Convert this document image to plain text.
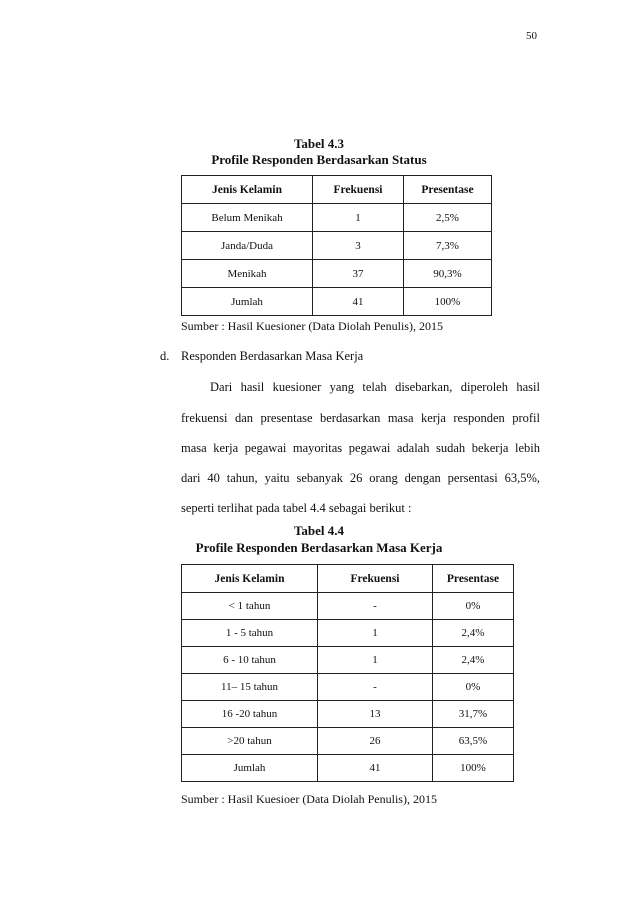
50
Tabel 4.3
Profile Responden Berdasarkan Status
Jenis Kelamin	Frekuensi	Presentase
Belum Menikah	1	2,5%
Janda/Duda	3	7,3%
Menikah	37	90,3%
Jumlah	41	100%
Sumber : Hasil Kuesioner (Data Diolah Penulis), 2015
d. Responden Berdasarkan Masa Kerja
Dari hasil kuesioner yang telah disebarkan, diperoleh hasil
frekuensi dan presentase berdasarkan masa kerja responden profil
masa kerja pegawai mayoritas pegawai adalah sudah bekerja lebih
dari 40 tahun, yaitu sebanyak 26 orang dengan persentasi 63,5%,
seperti terlihat pada tabel 4.4 sebagai berikut :
Tabel 4.4
Profile Responden Berdasarkan Masa Kerja
Jenis Kelamin	Frekuensi	Presentase
< 1 tahun	-	0%
1 - 5 tahun	1	2,4%
6 - 10 tahun	1	2,4%
11– 15 tahun	-	0%
16 -20 tahun	13	31,7%
>20 tahun	26	63,5%
Jumlah	41	100%
Sumber : Hasil Kuesioer (Data Diolah Penulis), 2015
